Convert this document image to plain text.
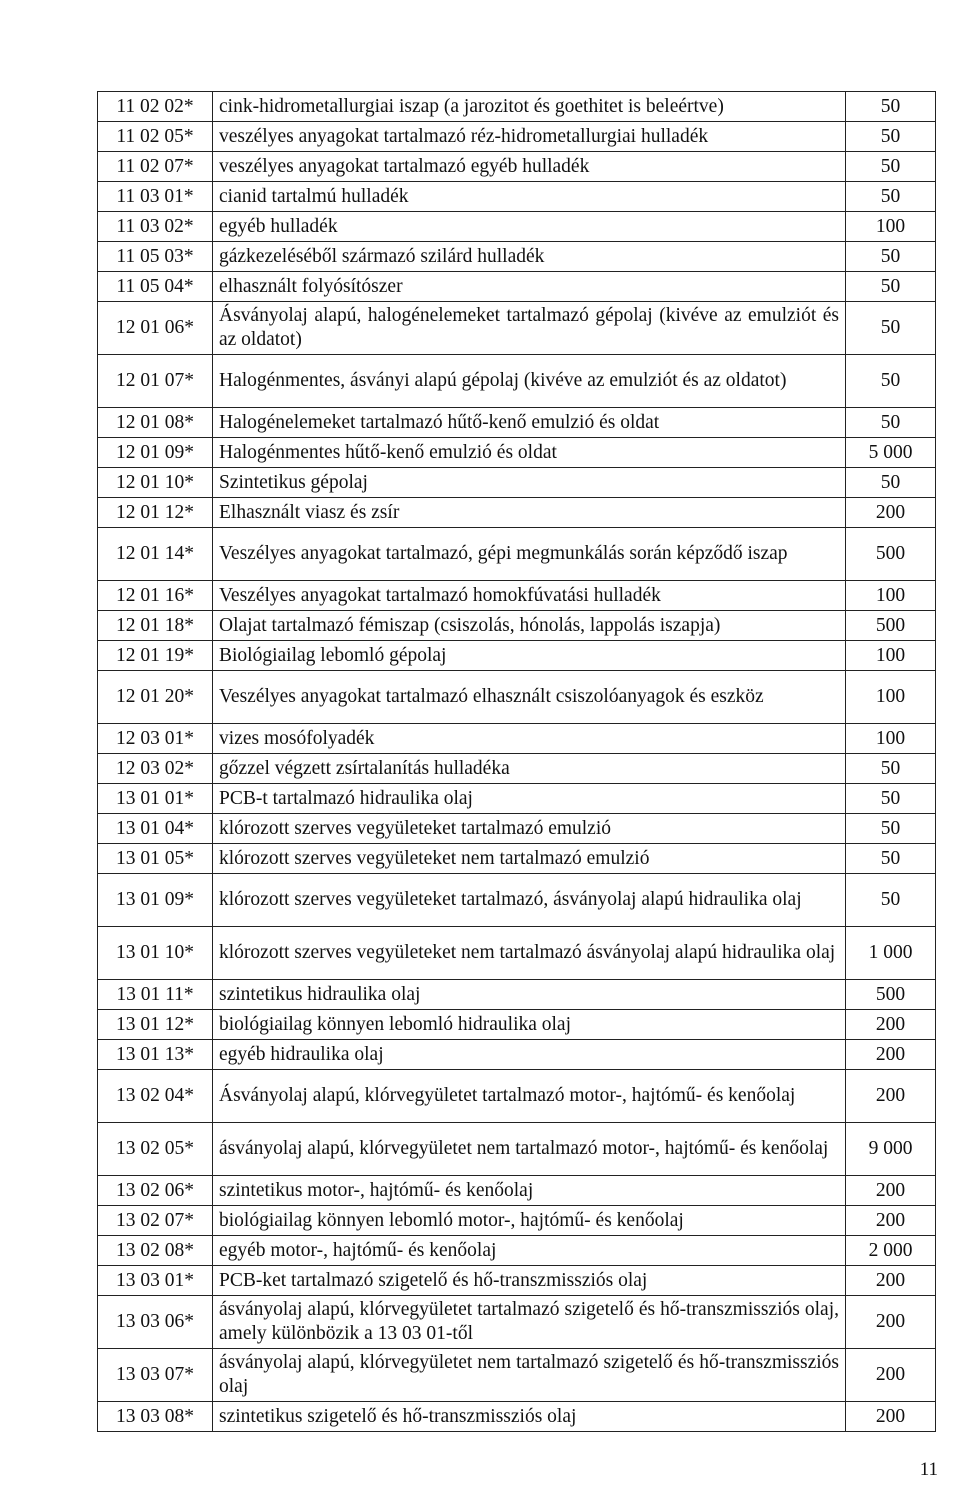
11 02 02*	cink-hidrometallurgiai iszap (a jarozitot és goethitet is beleértve)	50
11 02 05*	veszélyes anyagokat tartalmazó réz-hidrometallurgiai hulladék	50
11 02 07*	veszélyes anyagokat tartalmazó egyéb hulladék	50
11 03 01*	cianid tartalmú hulladék	50
11 03 02*	egyéb hulladék	100
11 05 03*	gázkezeléséből származó szilárd hulladék	50
11 05 04*	elhasznált folyósítószer	50
12 01 06*	Ásványolaj alapú, halogénelemeket tartalmazó gépolaj (kivéve az emulziót és az oldatot)	50
12 01 07*	Halogénmentes, ásványi alapú gépolaj (kivéve az emulziót és az oldatot)	50
12 01 08*	Halogénelemeket tartalmazó hűtő-kenő emulzió és oldat	50
12 01 09*	Halogénmentes hűtő-kenő emulzió és oldat	5 000
12 01 10*	Szintetikus gépolaj	50
12 01 12*	Elhasznált viasz és zsír	200
12 01 14*	Veszélyes anyagokat tartalmazó, gépi megmunkálás során képződő iszap	500
12 01 16*	Veszélyes anyagokat tartalmazó homokfúvatási hulladék	100
12 01 18*	Olajat tartalmazó fémiszap (csiszolás, hónolás, lappolás iszapja)	500
12 01 19*	Biológiailag lebomló gépolaj	100
12 01 20*	Veszélyes anyagokat tartalmazó elhasznált csiszolóanyagok és eszköz	100
12 03 01*	vizes mosófolyadék	100
12 03 02*	gőzzel végzett zsírtalanítás hulladéka	50
13 01 01*	PCB-t tartalmazó hidraulika olaj	50
13 01 04*	klórozott szerves vegyületeket tartalmazó emulzió	50
13 01 05*	klórozott szerves vegyületeket nem tartalmazó emulzió	50
13 01 09*	klórozott szerves vegyületeket tartalmazó, ásványolaj alapú hidraulika olaj	50
13 01 10*	klórozott szerves vegyületeket nem tartalmazó ásványolaj alapú hidraulika olaj	1 000
13 01 11*	szintetikus hidraulika olaj	500
13 01 12*	biológiailag könnyen lebomló hidraulika olaj	200
13 01 13*	egyéb hidraulika olaj	200
13 02 04*	Ásványolaj alapú, klórvegyületet tartalmazó motor-, hajtómű- és kenőolaj	200
13 02 05*	ásványolaj alapú, klórvegyületet nem tartalmazó motor-, hajtómű- és kenőolaj	9 000
13 02 06*	szintetikus motor-, hajtómű- és kenőolaj	200
13 02 07*	biológiailag könnyen lebomló motor-, hajtómű- és kenőolaj	200
13 02 08*	egyéb motor-, hajtómű- és kenőolaj	2 000
13 03 01*	PCB-ket tartalmazó szigetelő és hő-transzmissziós olaj	200
13 03 06*	ásványolaj alapú, klórvegyületet tartalmazó szigetelő és hő-transzmissziós olaj, amely különbözik a 13 03 01-től	200
13 03 07*	ásványolaj alapú, klórvegyületet nem tartalmazó szigetelő és hő-transzmissziós olaj	200
13 03 08*	szintetikus szigetelő és hő-transzmissziós olaj	200
11
